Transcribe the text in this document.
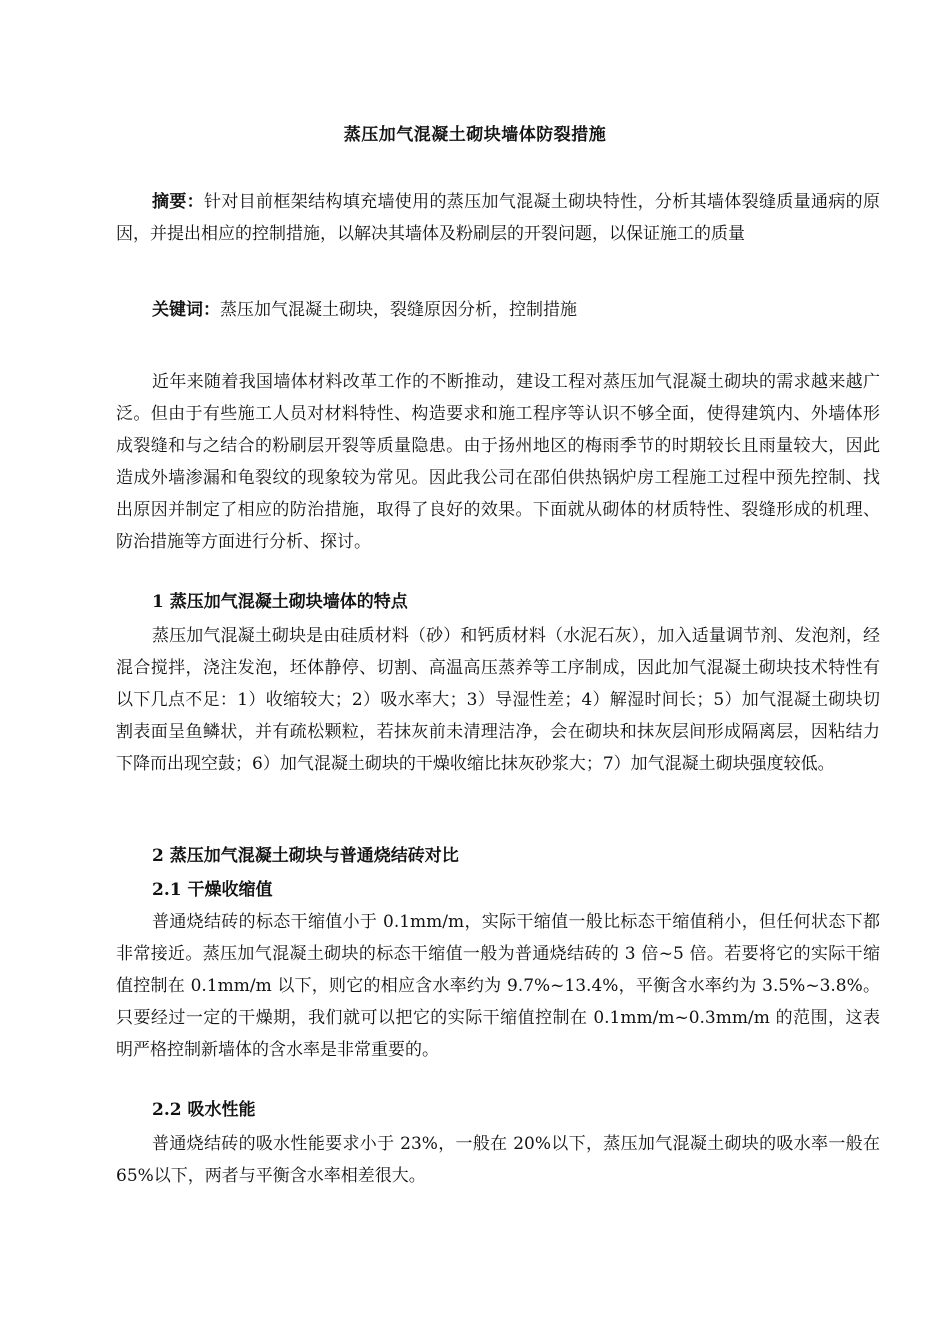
蒸压加气混凝土砌块墙体防裂措施
摘要：针对目前框架结构填充墙使用的蒸压加气混凝土砌块特性，分析其墙体裂缝质量通病的原因，并提出相应的控制措施，以解决其墙体及粉刷层的开裂问题，以保证施工的质量
关键词：蒸压加气混凝土砌块，裂缝原因分析，控制措施
近年来随着我国墙体材料改革工作的不断推动，建设工程对蒸压加气混凝土砌块的需求越来越广泛。但由于有些施工人员对材料特性、构造要求和施工程序等认识不够全面，使得建筑内、外墙体形成裂缝和与之结合的粉刷层开裂等质量隐患。由于扬州地区的梅雨季节的时期较长且雨量较大，因此造成外墙渗漏和龟裂纹的现象较为常见。因此我公司在邵伯供热锅炉房工程施工过程中预先控制、找出原因并制定了相应的防治措施，取得了良好的效果。下面就从砌体的材质特性、裂缝形成的机理、防治措施等方面进行分析、探讨。
1 蒸压加气混凝土砌块墙体的特点
蒸压加气混凝土砌块是由硅质材料（砂）和钙质材料（水泥石灰），加入适量调节剂、发泡剂，经混合搅拌，浇注发泡，坯体静停、切割、高温高压蒸养等工序制成，因此加气混凝土砌块技术特性有以下几点不足：1）收缩较大；2）吸水率大；3）导湿性差；4）解湿时间长；5）加气混凝土砌块切割表面呈鱼鳞状，并有疏松颗粒，若抹灰前未清理洁净，会在砌块和抹灰层间形成隔离层，因粘结力下降而出现空鼓；6）加气混凝土砌块的干燥收缩比抹灰砂浆大；7）加气混凝土砌块强度较低。
2 蒸压加气混凝土砌块与普通烧结砖对比
2.1 干燥收缩值
普通烧结砖的标态干缩值小于 0.1mm/m，实际干缩值一般比标态干缩值稍小，但任何状态下都非常接近。蒸压加气混凝土砌块的标态干缩值一般为普通烧结砖的 3 倍~5 倍。若要将它的实际干缩值控制在 0.1mm/m 以下，则它的相应含水率约为 9.7%~13.4%，平衡含水率约为 3.5%~3.8%。只要经过一定的干燥期，我们就可以把它的实际干缩值控制在 0.1mm/m~0.3mm/m 的范围，这表明严格控制新墙体的含水率是非常重要的。
2.2 吸水性能
普通烧结砖的吸水性能要求小于 23%，一般在 20%以下，蒸压加气混凝土砌块的吸水率一般在 65%以下，两者与平衡含水率相差很大。
